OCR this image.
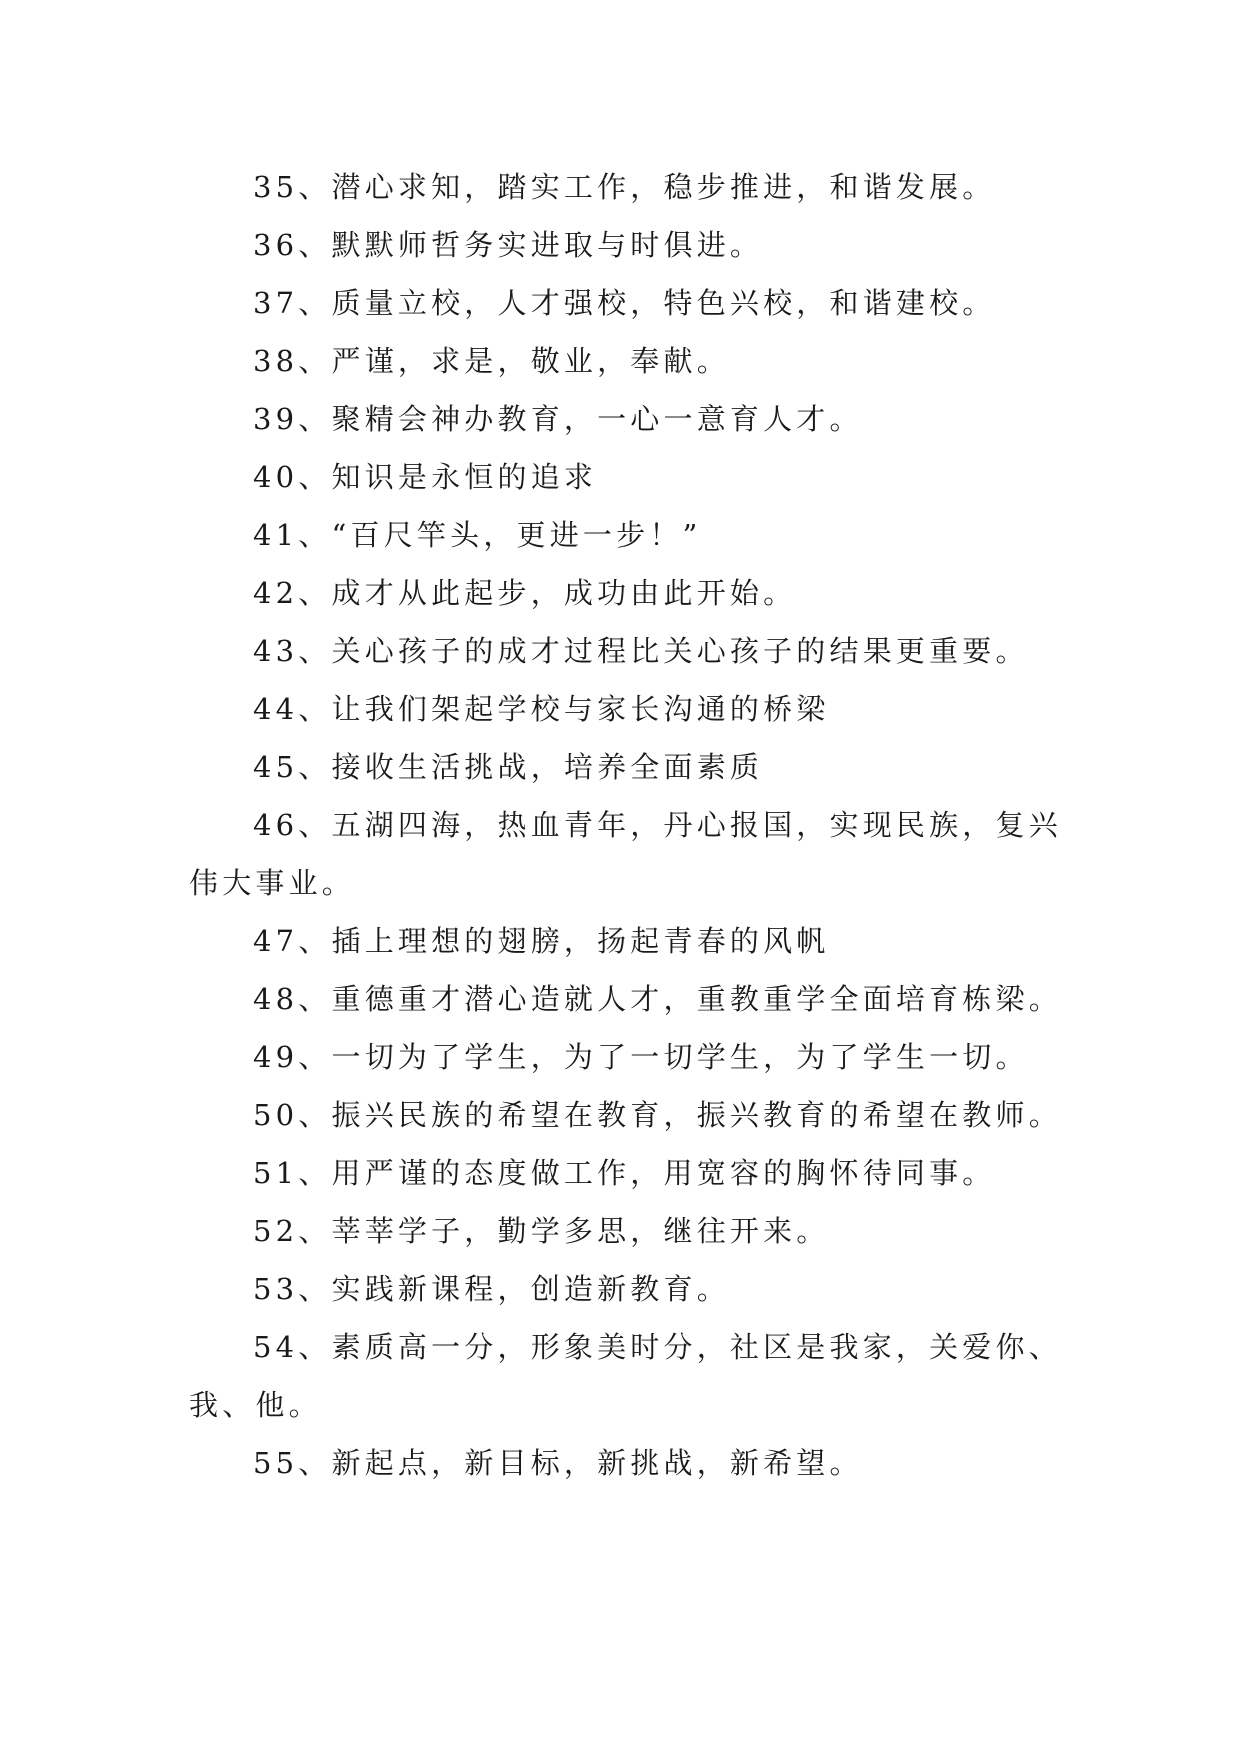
35、潜心求知，踏实工作，稳步推进，和谐发展。

36、默默师哲务实进取与时俱进。

37、质量立校，人才强校，特色兴校，和谐建校。

38、严谨，求是，敬业，奉献。

39、聚精会神办教育，一心一意育人才。

40、知识是永恒的追求

41、“百尺竿头，更进一步！”

42、成才从此起步，成功由此开始。

43、关心孩子的成才过程比关心孩子的结果更重要。

44、让我们架起学校与家长沟通的桥梁

45、接收生活挑战，培养全面素质

46、五湖四海，热血青年，丹心报国，实现民族，复兴伟大事业。

47、插上理想的翅膀，扬起青春的风帆

48、重德重才潜心造就人才，重教重学全面培育栋梁。

49、一切为了学生，为了一切学生，为了学生一切。

50、振兴民族的希望在教育，振兴教育的希望在教师。

51、用严谨的态度做工作，用宽容的胸怀待同事。

52、莘莘学子，勤学多思，继往开来。

53、实践新课程，创造新教育。

54、素质高一分，形象美时分，社区是我家，关爱你、我、他。

55、新起点，新目标，新挑战，新希望。
